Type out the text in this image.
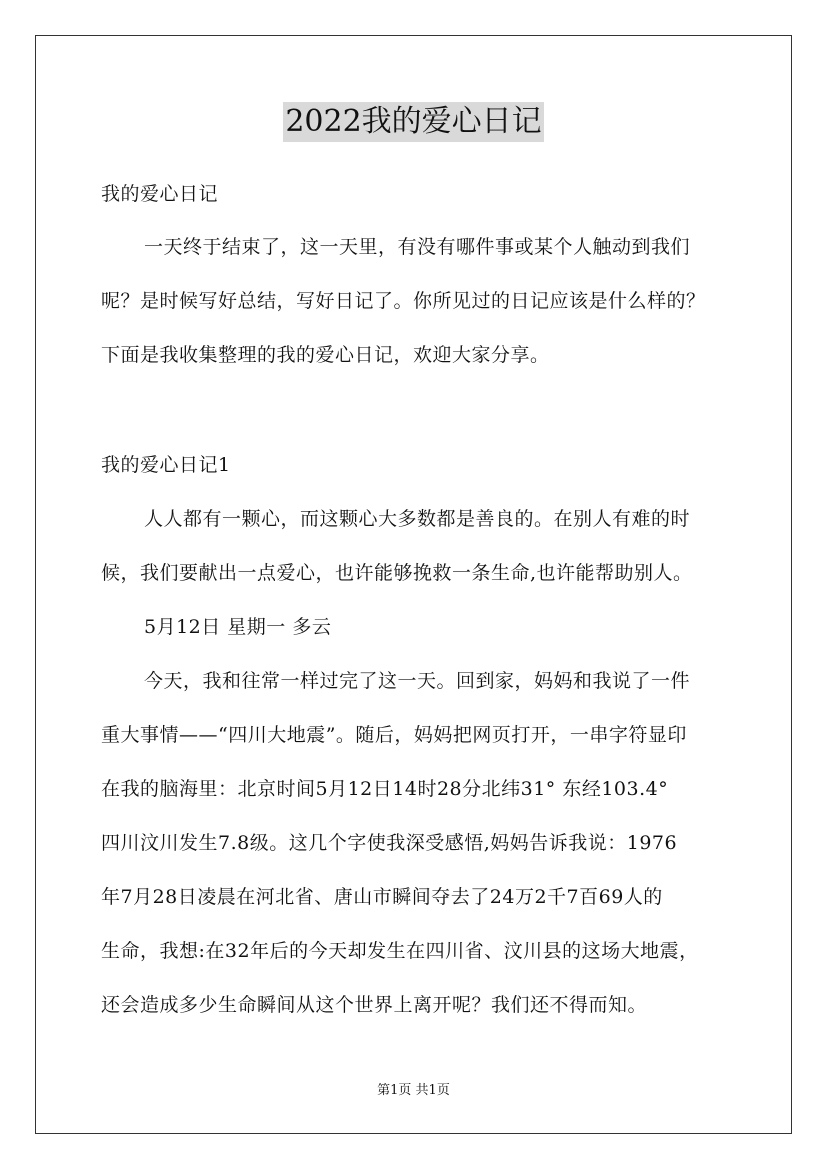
2022我的爱心日记
我的爱心日记
一天终于结束了，这一天里，有没有哪件事或某个人触动到我们
呢？是时候写好总结，写好日记了。你所见过的日记应该是什么样的？
下面是我收集整理的我的爱心日记，欢迎大家分享。
我的爱心日记1
人人都有一颗心，而这颗心大多数都是善良的。在别人有难的时
候，我们要献出一点爱心，也许能够挽救一条生命,也许能帮助别人。
5月12日 星期一 多云
今天，我和往常一样过完了这一天。回到家，妈妈和我说了一件
重大事情——“四川大地震”。随后，妈妈把网页打开，一串字符显印
在我的脑海里：北京时间5月12日14时28分北纬31° 东经103.4°
四川汶川发生7.8级。这几个字使我深受感悟,妈妈告诉我说：1976
年7月28日凌晨在河北省、唐山市瞬间夺去了24万2千7百69人的
生命，我想:在32年后的今天却发生在四川省、汶川县的这场大地震，
还会造成多少生命瞬间从这个世界上离开呢？我们还不得而知。
第1页 共1页
